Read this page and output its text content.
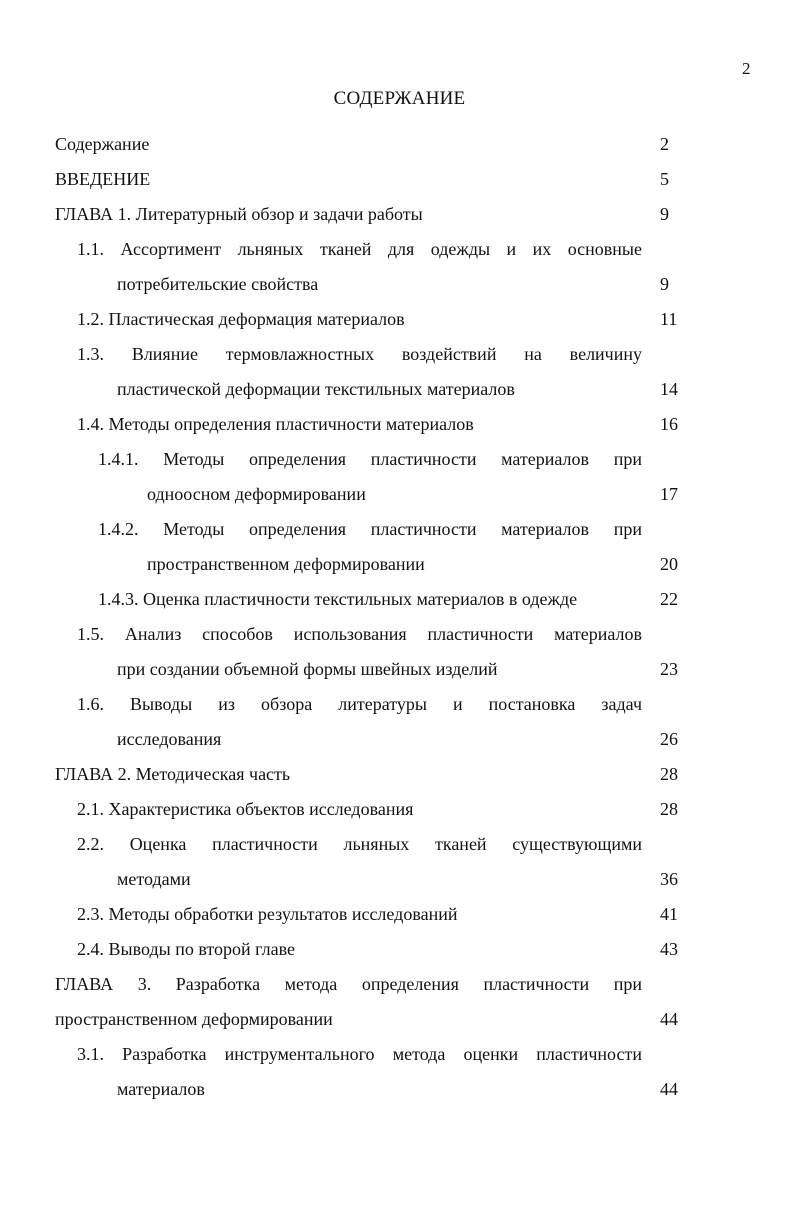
2
СОДЕРЖАНИЕ
Содержание	2
ВВЕДЕНИЕ	5
ГЛАВА 1. Литературный обзор и задачи работы	9
1.1. Ассортимент льняных тканей для одежды и их основные
потребительские свойства	9
1.2. Пластическая деформация материалов	11
1.3. Влияние термовлажностных воздействий на величину
пластической деформации текстильных материалов	14
1.4. Методы определения пластичности материалов	16
1.4.1. Методы определения пластичности материалов при
одноосном деформировании	17
1.4.2. Методы определения пластичности материалов при
пространственном деформировании	20
1.4.3. Оценка пластичности текстильных материалов в одежде	22
1.5. Анализ способов использования пластичности материалов
при создании объемной формы швейных изделий	23
1.6. Выводы из обзора литературы и постановка задач
исследования	26
ГЛАВА 2. Методическая часть	28
2.1. Характеристика объектов исследования	28
2.2. Оценка пластичности льняных тканей существующими
методами	36
2.3. Методы обработки результатов исследований	41
2.4. Выводы по второй главе	43
ГЛАВА 3. Разработка метода определения пластичности при
пространственном деформировании	44
3.1. Разработка инструментального метода оценки пластичности
материалов	44
